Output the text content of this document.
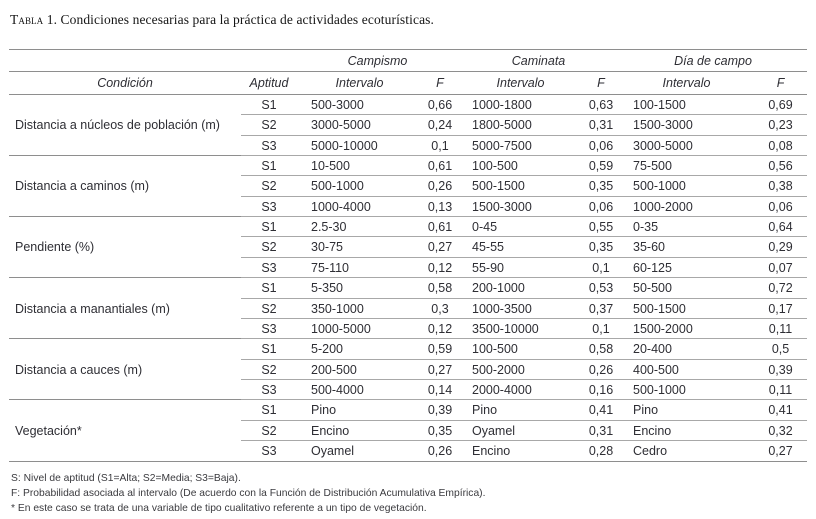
Tabla 1. Condiciones necesarias para la práctica de actividades ecoturísticas.

		Campismo		Caminata		Día de campo	
Condición	Aptitud	Intervalo	F	Intervalo	F	Intervalo	F
Distancia a núcleos de población (m)	S1	500-3000	0,66	1000-1800	0,63	100-1500	0,69
	S2	3000-5000	0,24	1800-5000	0,31	1500-3000	0,23
	S3	5000-10000	0,1	5000-7500	0,06	3000-5000	0,08
Distancia a caminos (m)	S1	10-500	0,61	100-500	0,59	75-500	0,56
	S2	500-1000	0,26	500-1500	0,35	500-1000	0,38
	S3	1000-4000	0,13	1500-3000	0,06	1000-2000	0,06
Pendiente (%)	S1	2.5-30	0,61	0-45	0,55	0-35	0,64
	S2	30-75	0,27	45-55	0,35	35-60	0,29
	S3	75-110	0,12	55-90	0,1	60-125	0,07
Distancia a manantiales (m)	S1	5-350	0,58	200-1000	0,53	50-500	0,72
	S2	350-1000	0,3	1000-3500	0,37	500-1500	0,17
	S3	1000-5000	0,12	3500-10000	0,1	1500-2000	0,11
Distancia a cauces (m)	S1	5-200	0,59	100-500	0,58	20-400	0,5
	S2	200-500	0,27	500-2000	0,26	400-500	0,39
	S3	500-4000	0,14	2000-4000	0,16	500-1000	0,11
Vegetación*	S1	Pino	0,39	Pino	0,41	Pino	0,41
	S2	Encino	0,35	Oyamel	0,31	Encino	0,32
	S3	Oyamel	0,26	Encino	0,28	Cedro	0,27

S: Nivel de aptitud (S1=Alta; S2=Media; S3=Baja).

F: Probabilidad asociada al intervalo (De acuerdo con la Función de Distribución Acumulativa Empírica).

* En este caso se trata de una variable de tipo cualitativo referente a un tipo de vegetación.
